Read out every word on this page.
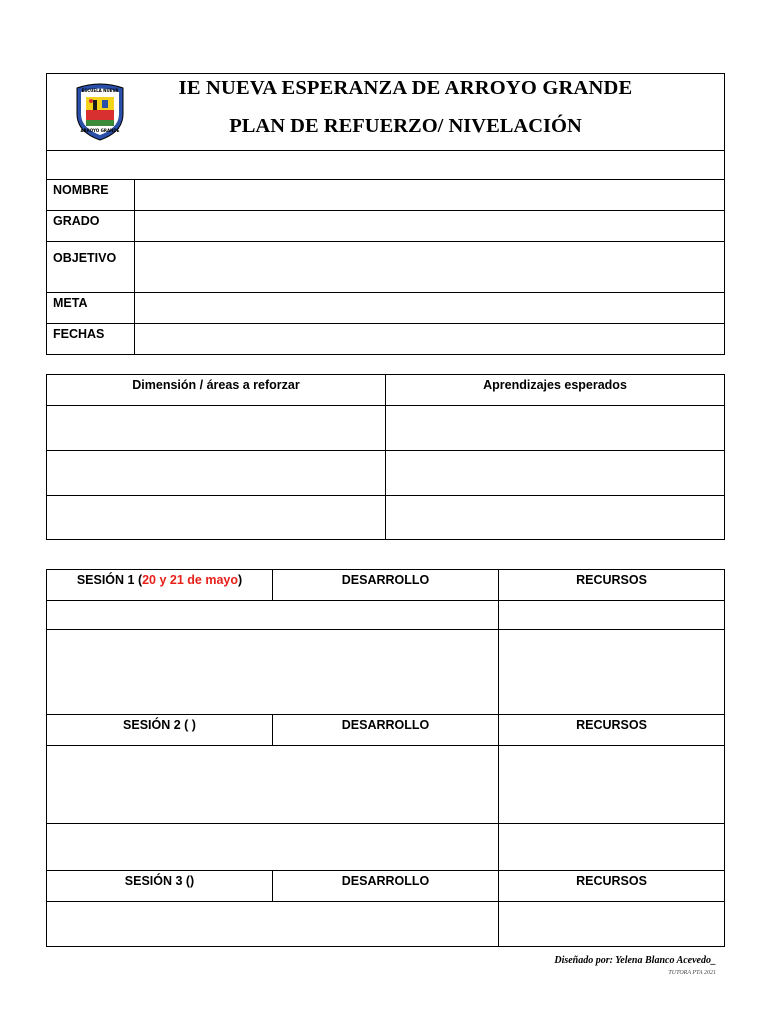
ESCUELA NUEVA
ARROYO GRANDE
IE NUEVA ESPERANZA DE ARROYO GRANDE
PLAN DE REFUERZO/ NIVELACIÓN	

NOMBRE	
GRADO	
OBJETIVO	
META	
FECHAS	
Dimensión / áreas a reforzar	Aprendizajes esperados

SESIÓN 1 (20 y 21 de mayo)	DESARROLLO	RECURSOS

SESIÓN 2 ( )	DESARROLLO	RECURSOS

SESIÓN 3 ()	DESARROLLO	RECURSOS

Diseñado por: Yelena Blanco Acevedo_
TUTORA PTA 2021
